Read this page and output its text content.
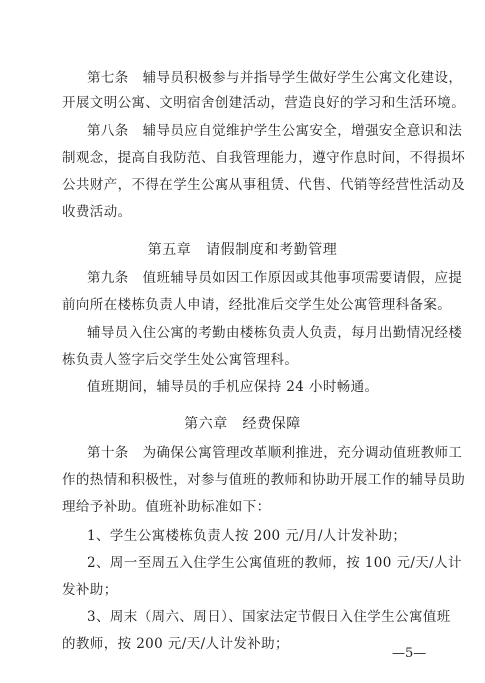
第七条　辅导员积极参与并指导学生做好学生公寓文化建设，
开展文明公寓、文明宿舍创建活动，营造良好的学习和生活环境。
第八条　辅导员应自觉维护学生公寓安全，增强安全意识和法
制观念，提高自我防范、自我管理能力，遵守作息时间，不得损坏
公共财产，不得在学生公寓从事租赁、代售、代销等经营性活动及
收费活动。
第五章　请假制度和考勤管理
第九条　值班辅导员如因工作原因或其他事项需要请假，应提
前向所在楼栋负责人申请，经批准后交学生处公寓管理科备案。
辅导员入住公寓的考勤由楼栋负责人负责，每月出勤情况经楼
栋负责人签字后交学生处公寓管理科。
值班期间，辅导员的手机应保持 24 小时畅通。
第六章　经费保障
第十条　为确保公寓管理改革顺利推进，充分调动值班教师工
作的热情和积极性，对参与值班的教师和协助开展工作的辅导员助
理给予补助。值班补助标准如下：
1、学生公寓楼栋负责人按 200 元/月/人计发补助；
2、周一至周五入住学生公寓值班的教师，按 100 元/天/人计
发补助；
3、周末（周六、周日）、国家法定节假日入住学生公寓值班
的教师，按 200 元/天/人计发补助；
—5—
